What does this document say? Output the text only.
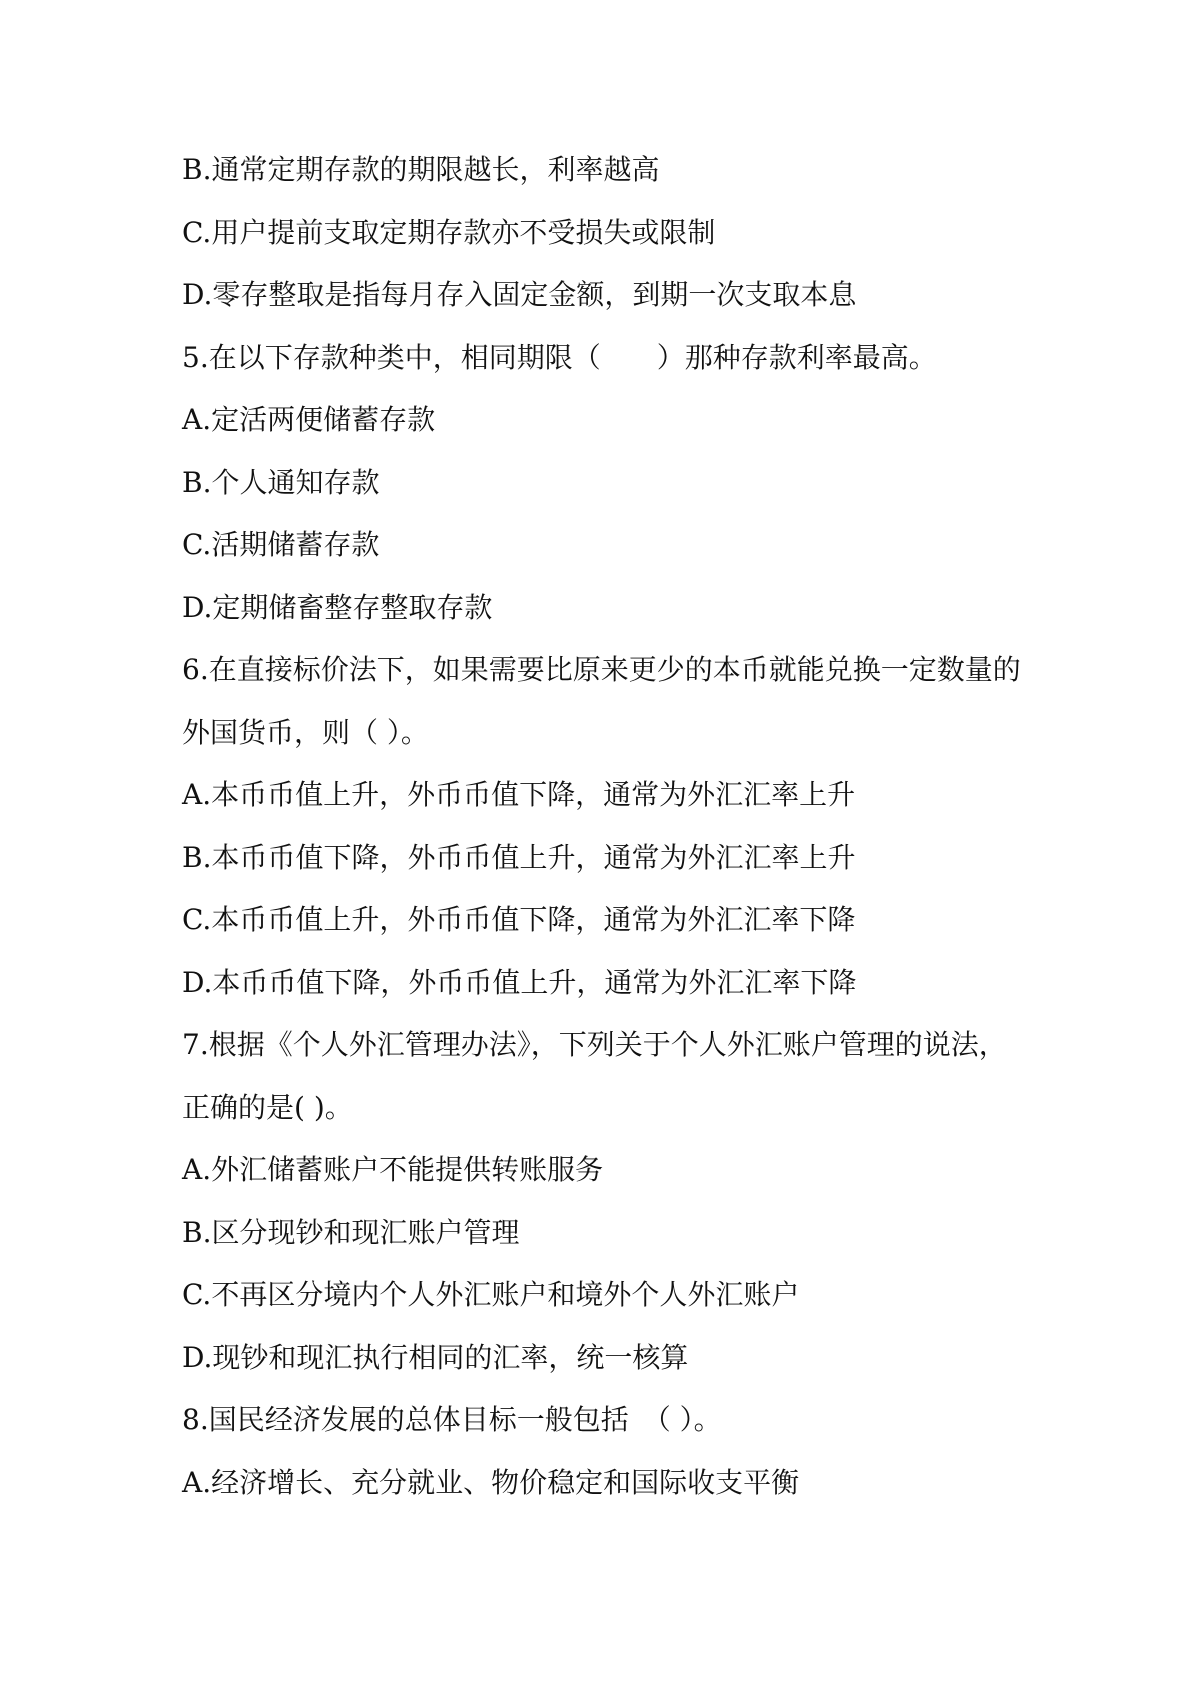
B.通常定期存款的期限越长，利率越高
C.用户提前支取定期存款亦不受损失或限制
D.零存整取是指每月存入固定金额，到期一次支取本息
5.在以下存款种类中，相同期限（　　）那种存款利率最高。
A.定活两便储蓄存款
B.个人通知存款
C.活期储蓄存款
D.定期储畜整存整取存款
6.在直接标价法下，如果需要比原来更少的本币就能兑换一定数量的
外国货币，则（ ）。
A.本币币值上升，外币币值下降，通常为外汇汇率上升
B.本币币值下降，外币币值上升，通常为外汇汇率上升
C.本币币值上升，外币币值下降，通常为外汇汇率下降
D.本币币值下降，外币币值上升，通常为外汇汇率下降
7.根据《个人外汇管理办法》，下列关于个人外汇账户管理的说法，
正确的是( )。
A.外汇储蓄账户不能提供转账服务
B.区分现钞和现汇账户管理
C.不再区分境内个人外汇账户和境外个人外汇账户
D.现钞和现汇执行相同的汇率，统一核算
8.国民经济发展的总体目标一般包括　（ ）。
A.经济增长、充分就业、物价稳定和国际收支平衡
